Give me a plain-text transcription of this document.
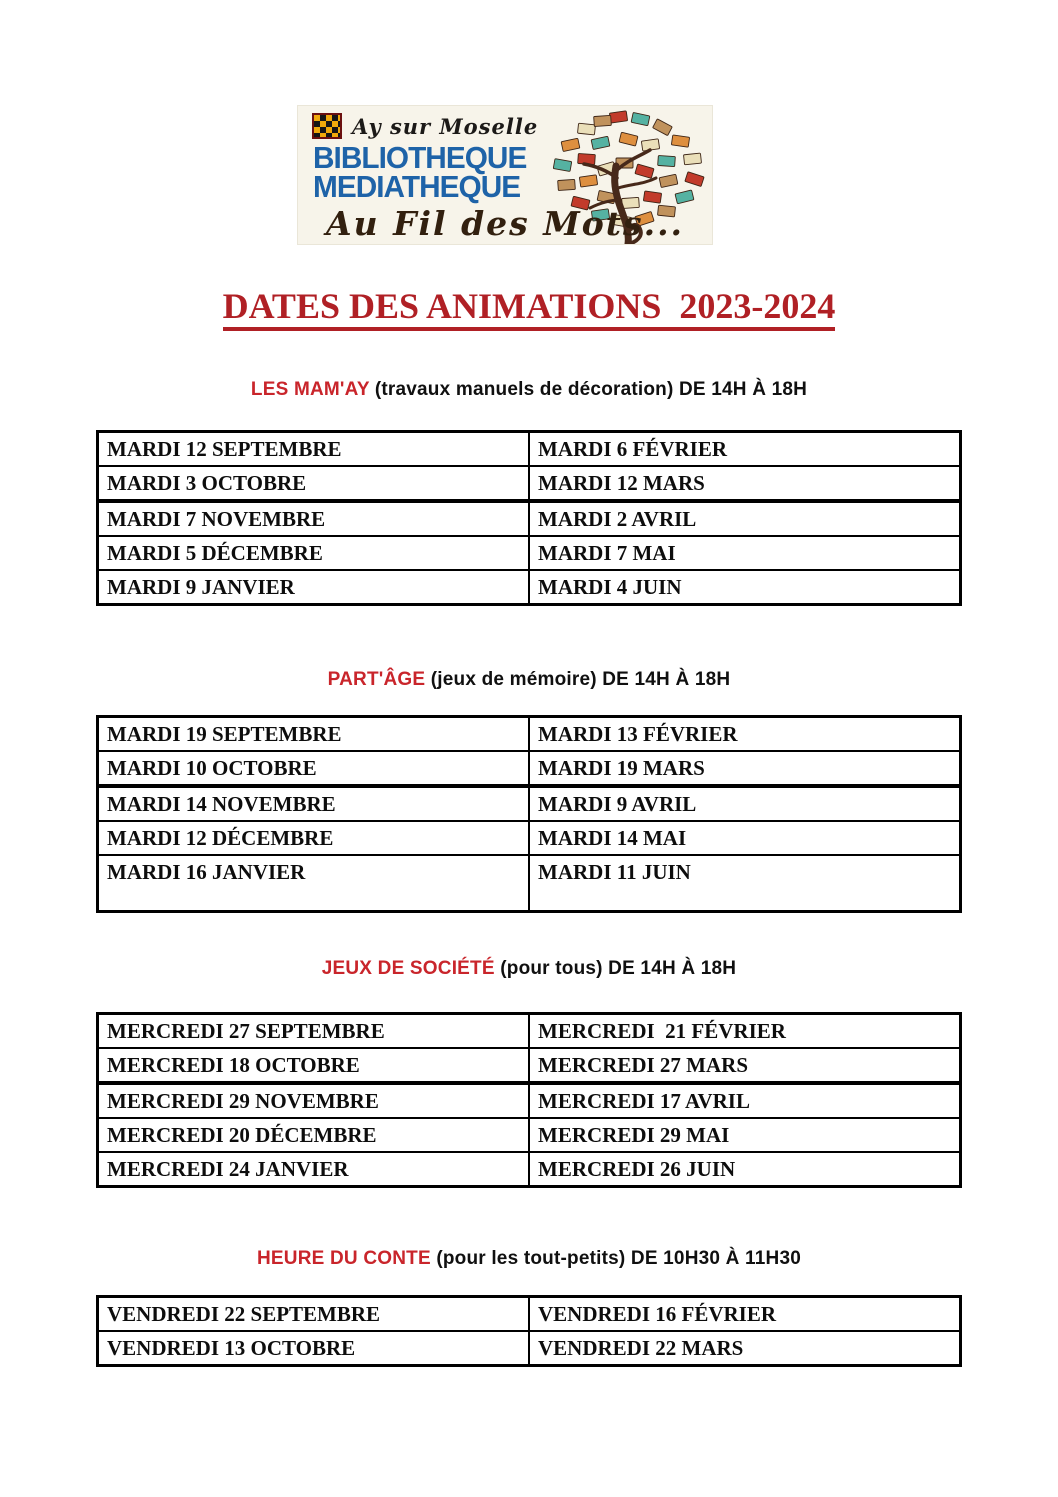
Ay sur Moselle
BIBLIOTHEQUE
MEDIATHEQUE
Au Fil des Mots...
DATES DES ANIMATIONS  2023-2024
LES MAM'AY (travaux manuels de décoration) DE 14H À 18H
MARDI 12 SEPTEMBRE	MARDI 6 FÉVRIER
MARDI 3 OCTOBRE	MARDI 12 MARS
MARDI 7 NOVEMBRE	MARDI 2 AVRIL
MARDI 5 DÉCEMBRE	MARDI 7 MAI
MARDI 9 JANVIER	MARDI 4 JUIN
PART'ÂGE (jeux de mémoire) DE 14H À 18H
MARDI 19 SEPTEMBRE	MARDI 13 FÉVRIER
MARDI 10 OCTOBRE	MARDI 19 MARS
MARDI 14 NOVEMBRE	MARDI 9 AVRIL
MARDI 12 DÉCEMBRE	MARDI 14 MAI
MARDI 16 JANVIER	MARDI 11 JUIN
JEUX DE SOCIÉTÉ (pour tous) DE 14H À 18H
MERCREDI 27 SEPTEMBRE	MERCREDI  21 FÉVRIER
MERCREDI 18 OCTOBRE	MERCREDI 27 MARS
MERCREDI 29 NOVEMBRE	MERCREDI 17 AVRIL
MERCREDI 20 DÉCEMBRE	MERCREDI 29 MAI
MERCREDI 24 JANVIER	MERCREDI 26 JUIN
HEURE DU CONTE (pour les tout-petits) DE 10H30 À 11H30
VENDREDI 22 SEPTEMBRE	VENDREDI 16 FÉVRIER
VENDREDI 13 OCTOBRE	VENDREDI 22 MARS
